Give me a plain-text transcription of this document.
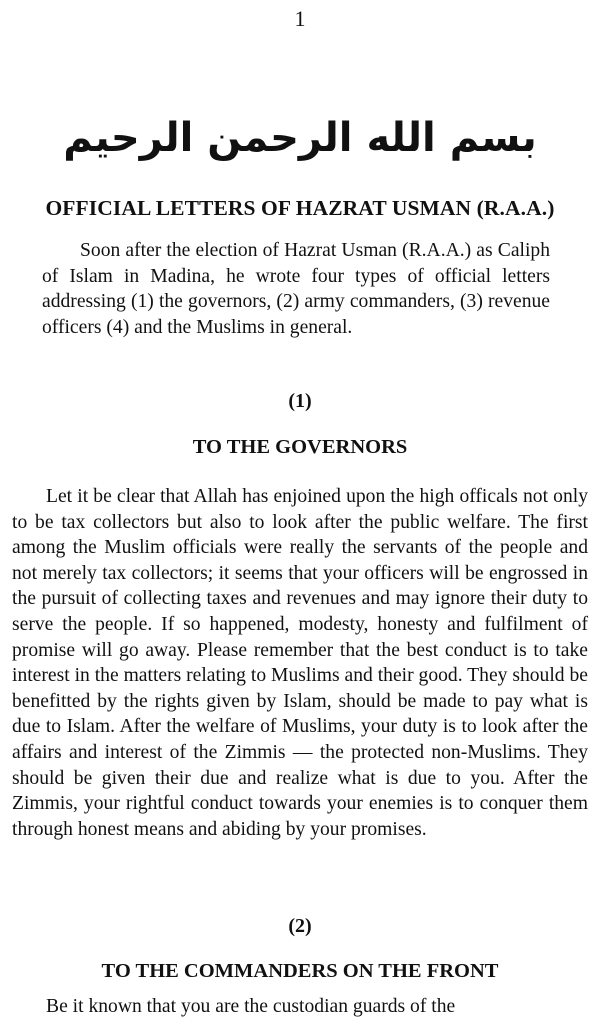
1
بسم الله الرحمن الرحيم
OFFICIAL LETTERS OF HAZRAT USMAN (R.A.A.)

Soon after the election of Hazrat Usman (R.A.A.) as Caliph of Islam in Madina, he wrote four types of official letters addressing (1) the governors, (2) army commanders, (3) revenue officers (4) and the Muslims in general.

(1)
TO THE GOVERNORS

Let it be clear that Allah has enjoined upon the high officals not only to be tax collectors but also to look after the public welfare. The first among the Muslim officials were really the servants of the people and not merely tax collectors; it seems that your officers will be engrossed in the pursuit of collecting taxes and revenues and may ignore their duty to serve the people. If so happened, modesty, honesty and fulfilment of promise will go away. Please remember that the best conduct is to take interest in the matters relating to Muslims and their good. They should be benefitted by the rights given by Islam, should be made to pay what is due to Islam. After the welfare of Muslims, your duty is to look after the affairs and interest of the Zimmis — the protected non-Muslims. They should be given their due and realize what is due to you. After the Zimmis, your rightful conduct towards your enemies is to conquer them through honest means and abiding by your promises.

(2)
TO THE COMMANDERS ON THE FRONT

Be it known that you are the custodian guards of the
